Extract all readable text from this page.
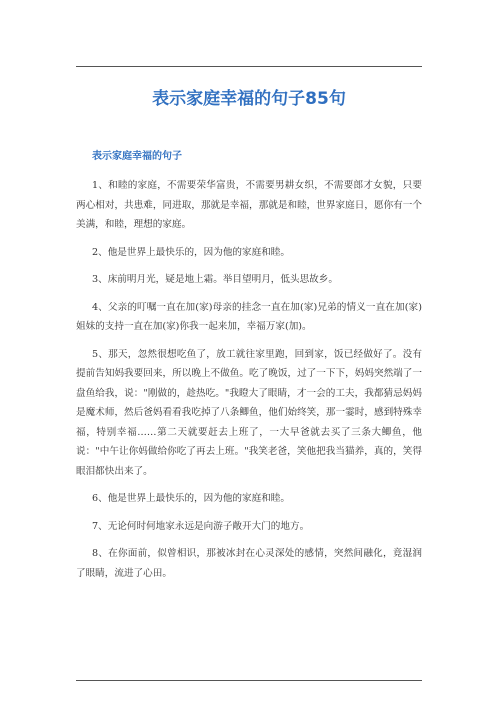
表示家庭幸福的句子85句
表示家庭幸福的句子

1、和睦的家庭，不需要荣华富贵，不需要男耕女织，不需要郎才女貌，只要两心相对，共患难，同进取，那就是幸福，那就是和睦，世界家庭日，愿你有一个美满，和睦，理想的家庭。

2、他是世界上最快乐的，因为他的家庭和睦。

3、床前明月光，疑是地上霜。举目望明月，低头思故乡。

4、父亲的叮嘱一直在加(家)母亲的挂念一直在加(家)兄弟的情义一直在加(家)姐妹的支持一直在加(家)你我一起来加，幸福万家(加)。

5、那天，忽然很想吃鱼了，放工就往家里跑，回到家，饭已经做好了。没有提前告知妈我要回来，所以晚上不做鱼。吃了晚饭，过了一下下，妈妈突然端了一盘鱼给我，说："刚做的，趁热吃。"我瞪大了眼睛，才一会的工夫，我都猜忌妈妈是魔术师，然后爸妈看看我吃掉了八条鲫鱼，他们始终笑，那一霎时，感到特殊幸福，特别幸福……第二天就要赶去上班了，一大早爸就去买了三条大鲫鱼，他说："中午让你妈做给你吃了再去上班。"我笑老爸，笑他把我当猫养，真的，笑得眼泪都快出来了。

6、他是世界上最快乐的，因为他的家庭和睦。

7、无论何时何地家永远是向游子敞开大门的地方。

8、在你面前，似曾相识，那被冰封在心灵深处的感情，突然间融化，竟湿润了眼睛，流进了心田。
